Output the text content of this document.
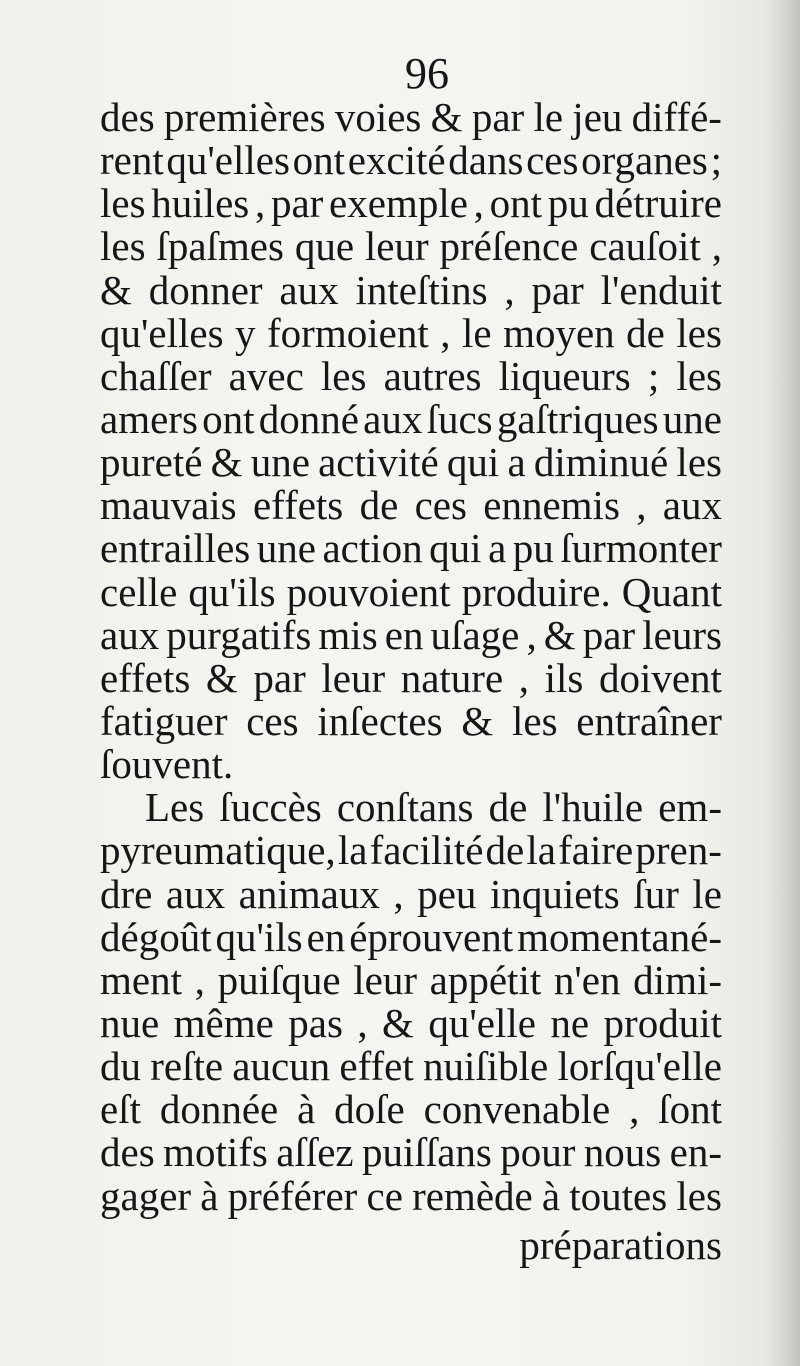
96
des premières voies & par le jeu diffé-
rent qu'elles ont excité dans ces organes ;
les huiles , par exemple , ont pu détruire
les ſpaſmes que leur préſence cauſoit ,
& donner aux inteſtins , par l'enduit
qu'elles y formoient , le moyen de les
chaſſer avec les autres liqueurs ; les
amers ont donné aux ſucs gaſtriques une
pureté & une activité qui a diminué les
mauvais effets de ces ennemis , aux
entrailles une action qui a pu ſurmonter
celle qu'ils pouvoient produire. Quant
aux purgatifs mis en uſage , & par leurs
effets & par leur nature , ils doivent
fatiguer ces inſectes & les entraîner
ſouvent.
Les ſuccès conſtans de l'huile em-
pyreumatique, la facilité de la faire pren-
dre aux animaux , peu inquiets ſur le
dégoût qu'ils en éprouvent momentané-
ment , puiſque leur appétit n'en dimi-
nue même pas , & qu'elle ne produit
du reſte aucun effet nuiſible lorſqu'elle
eſt donnée à doſe convenable , ſont
des motifs aſſez puiſſans pour nous en-
gager à préférer ce remède à toutes les
préparations
